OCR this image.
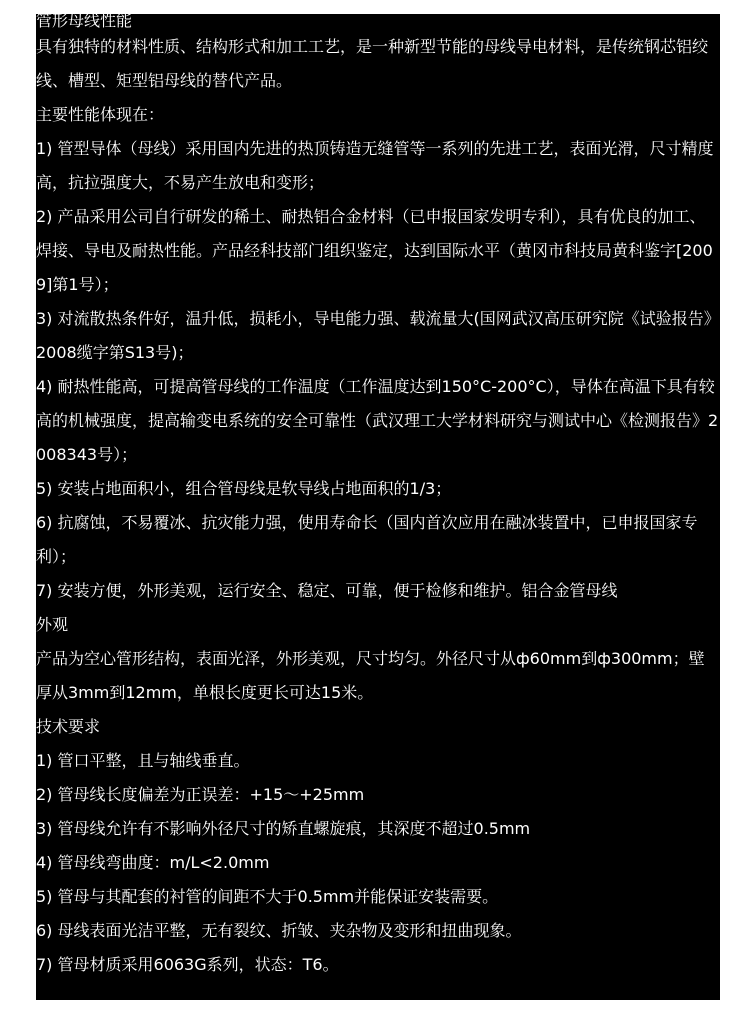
管形母线性能

具有独特的材料性质、结构形式和加工工艺，是一种新型节能的母线导电材料，是传统钢芯铝绞线、槽型、矩型铝母线的替代产品。

主要性能体现在：

1) 管型导体（母线）采用国内先进的热顶铸造无缝管等一系列的先进工艺，表面光滑，尺寸精度高，抗拉强度大，不易产生放电和变形；

2) 产品采用公司自行研发的稀土、耐热铝合金材料（已申报国家发明专利），具有优良的加工、焊接、导电及耐热性能。产品经科技部门组织鉴定，达到国际水平（黄冈市科技局黄科鉴字[2009]第1号）；

3) 对流散热条件好，温升低，损耗小，导电能力强、载流量大(国网武汉高压研究院《试验报告》2008缆字第S13号)；

4) 耐热性能高，可提高管母线的工作温度（工作温度达到150°C-200°C），导体在高温下具有较高的机械强度，提高输变电系统的安全可靠性（武汉理工大学材料研究与测试中心《检测报告》2008343号）；

5) 安装占地面积小，组合管母线是软导线占地面积的1/3；

6) 抗腐蚀，不易覆冰、抗灾能力强，使用寿命长（国内首次应用在融冰装置中，已申报国家专利）；

7) 安装方便，外形美观，运行安全、稳定、可靠，便于检修和维护。铝合金管母线

外观

产品为空心管形结构，表面光泽，外形美观，尺寸均匀。外径尺寸从ф60mm到ф300mm；壁厚从3mm到12mm，单根长度更长可达15米。

技术要求

1) 管口平整，且与轴线垂直。

2) 管母线长度偏差为正误差：+15～+25mm

3) 管母线允许有不影响外径尺寸的矫直螺旋痕，其深度不超过0.5mm

4) 管母线弯曲度：m/L<2.0mm

5) 管母与其配套的衬管的间距不大于0.5mm并能保证安装需要。

6) 母线表面光洁平整，无有裂纹、折皱、夹杂物及变形和扭曲现象。

7) 管母材质采用6063G系列，状态：T6。
